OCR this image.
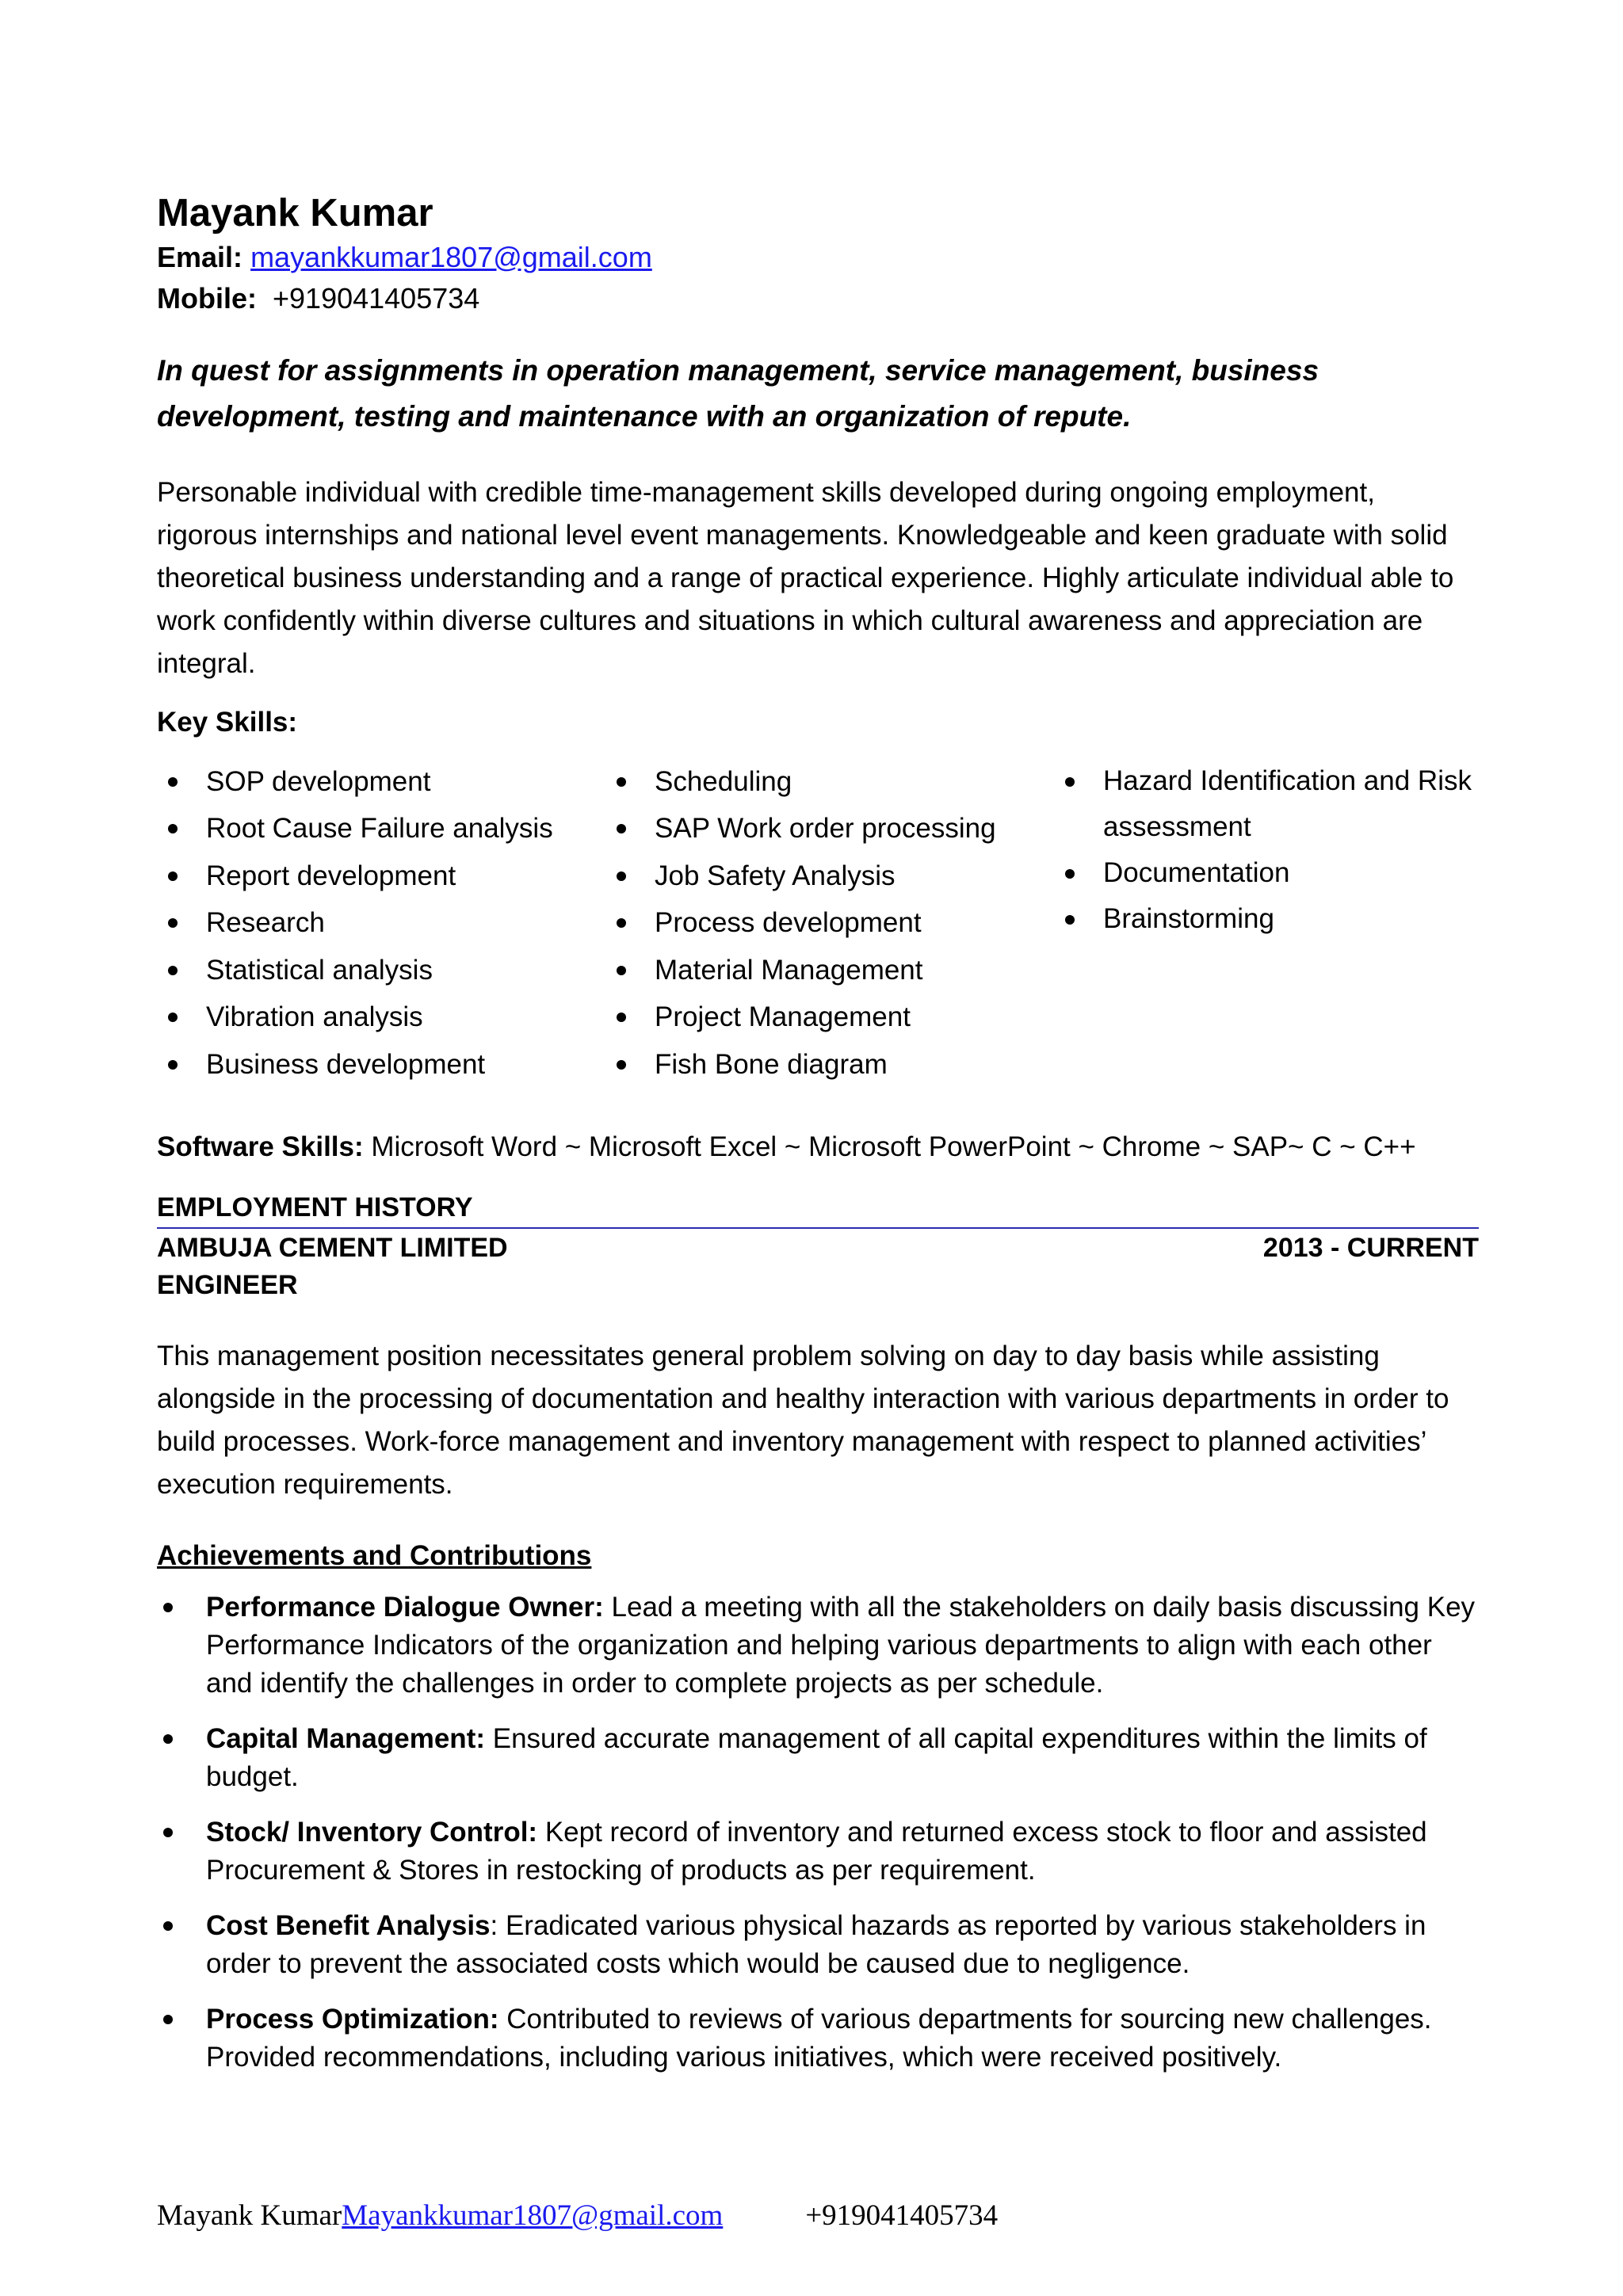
Mayank Kumar
Email: mayankkumar1807@gmail.com
Mobile: +919041405734
In quest for assignments in operation management, service management, business development, testing and maintenance with an organization of repute.
Personable individual with credible time-management skills developed during ongoing employment, rigorous internships and national level event managements. Knowledgeable and keen graduate with solid theoretical business understanding and a range of practical experience. Highly articulate individual able to work confidently within diverse cultures and situations in which cultural awareness and appreciation are integral.
Key Skills:
SOP development
Root Cause Failure analysis
Report development
Research
Statistical analysis
Vibration analysis
Business development
Scheduling
SAP Work order processing
Job Safety Analysis
Process development
Material Management
Project Management
Fish Bone diagram
Hazard Identification and Risk assessment
Documentation
Brainstorming
Software Skills: Microsoft Word ~ Microsoft Excel ~ Microsoft PowerPoint ~ Chrome ~ SAP~ C ~ C++
EMPLOYMENT HISTORY
AMBUJA CEMENT LIMITED	2013 - CURRENT
ENGINEER
This management position necessitates general problem solving on day to day basis while assisting alongside in the processing of documentation and healthy interaction with various departments in order to build processes. Work-force management and inventory management with respect to planned activities’ execution requirements.
Achievements and Contributions
Performance Dialogue Owner: Lead a meeting with all the stakeholders on daily basis discussing Key Performance Indicators of the organization and helping various departments to align with each other and identify the challenges in order to complete projects as per schedule.
Capital Management: Ensured accurate management of all capital expenditures within the limits of budget.
Stock/ Inventory Control: Kept record of inventory and returned excess stock to floor and assisted Procurement & Stores in restocking of products as per requirement.
Cost Benefit Analysis: Eradicated various physical hazards as reported by various stakeholders in order to prevent the associated costs which would be caused due to negligence.
Process Optimization: Contributed to reviews of various departments for sourcing new challenges. Provided recommendations, including various initiatives, which were received positively.
Mayank KumarMayankkumar1807@gmail.com	+919041405734
